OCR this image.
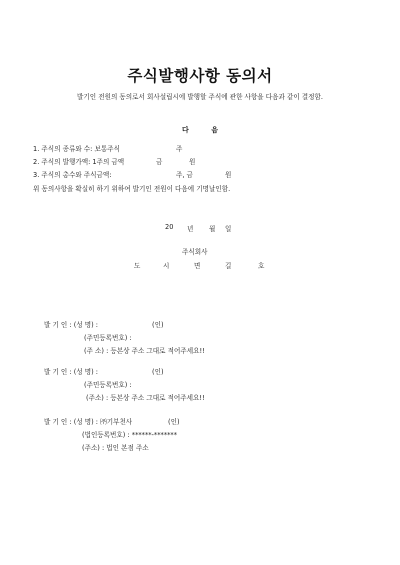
주식발행사항 동의서
발기인 전원의 동의로서 회사설립시에 발행할 주식에 관한 사항을 다음과 같이 결정함.
다 음
1. 주식의 종류와 수: 보통주식	주
2. 주식의 발행가액: 1주의 금액	금	원
3. 주식의 총수와 주식금액:	주, 금	원
위 동의사항을 확실히 하기 위하여 발기인 전원이 다음에 기명날인함.
20 년 월 일
주식회사
도	시	면	길	호
발 기 인 : (성 명) :	(인)
(주민등록번호) :
(주 소) : 등본상 주소 그대로 적어주세요!!
발 기 인 : (성 명) :	(인)
(주민등록번호) :
(주소) : 등본상 주소 그대로 적어주세요!!
발 기 인 : (성 명) : ㈜기부천사	(인)
(법인등록번호) : ******-*******
(주소) : 법인 본점 주소
